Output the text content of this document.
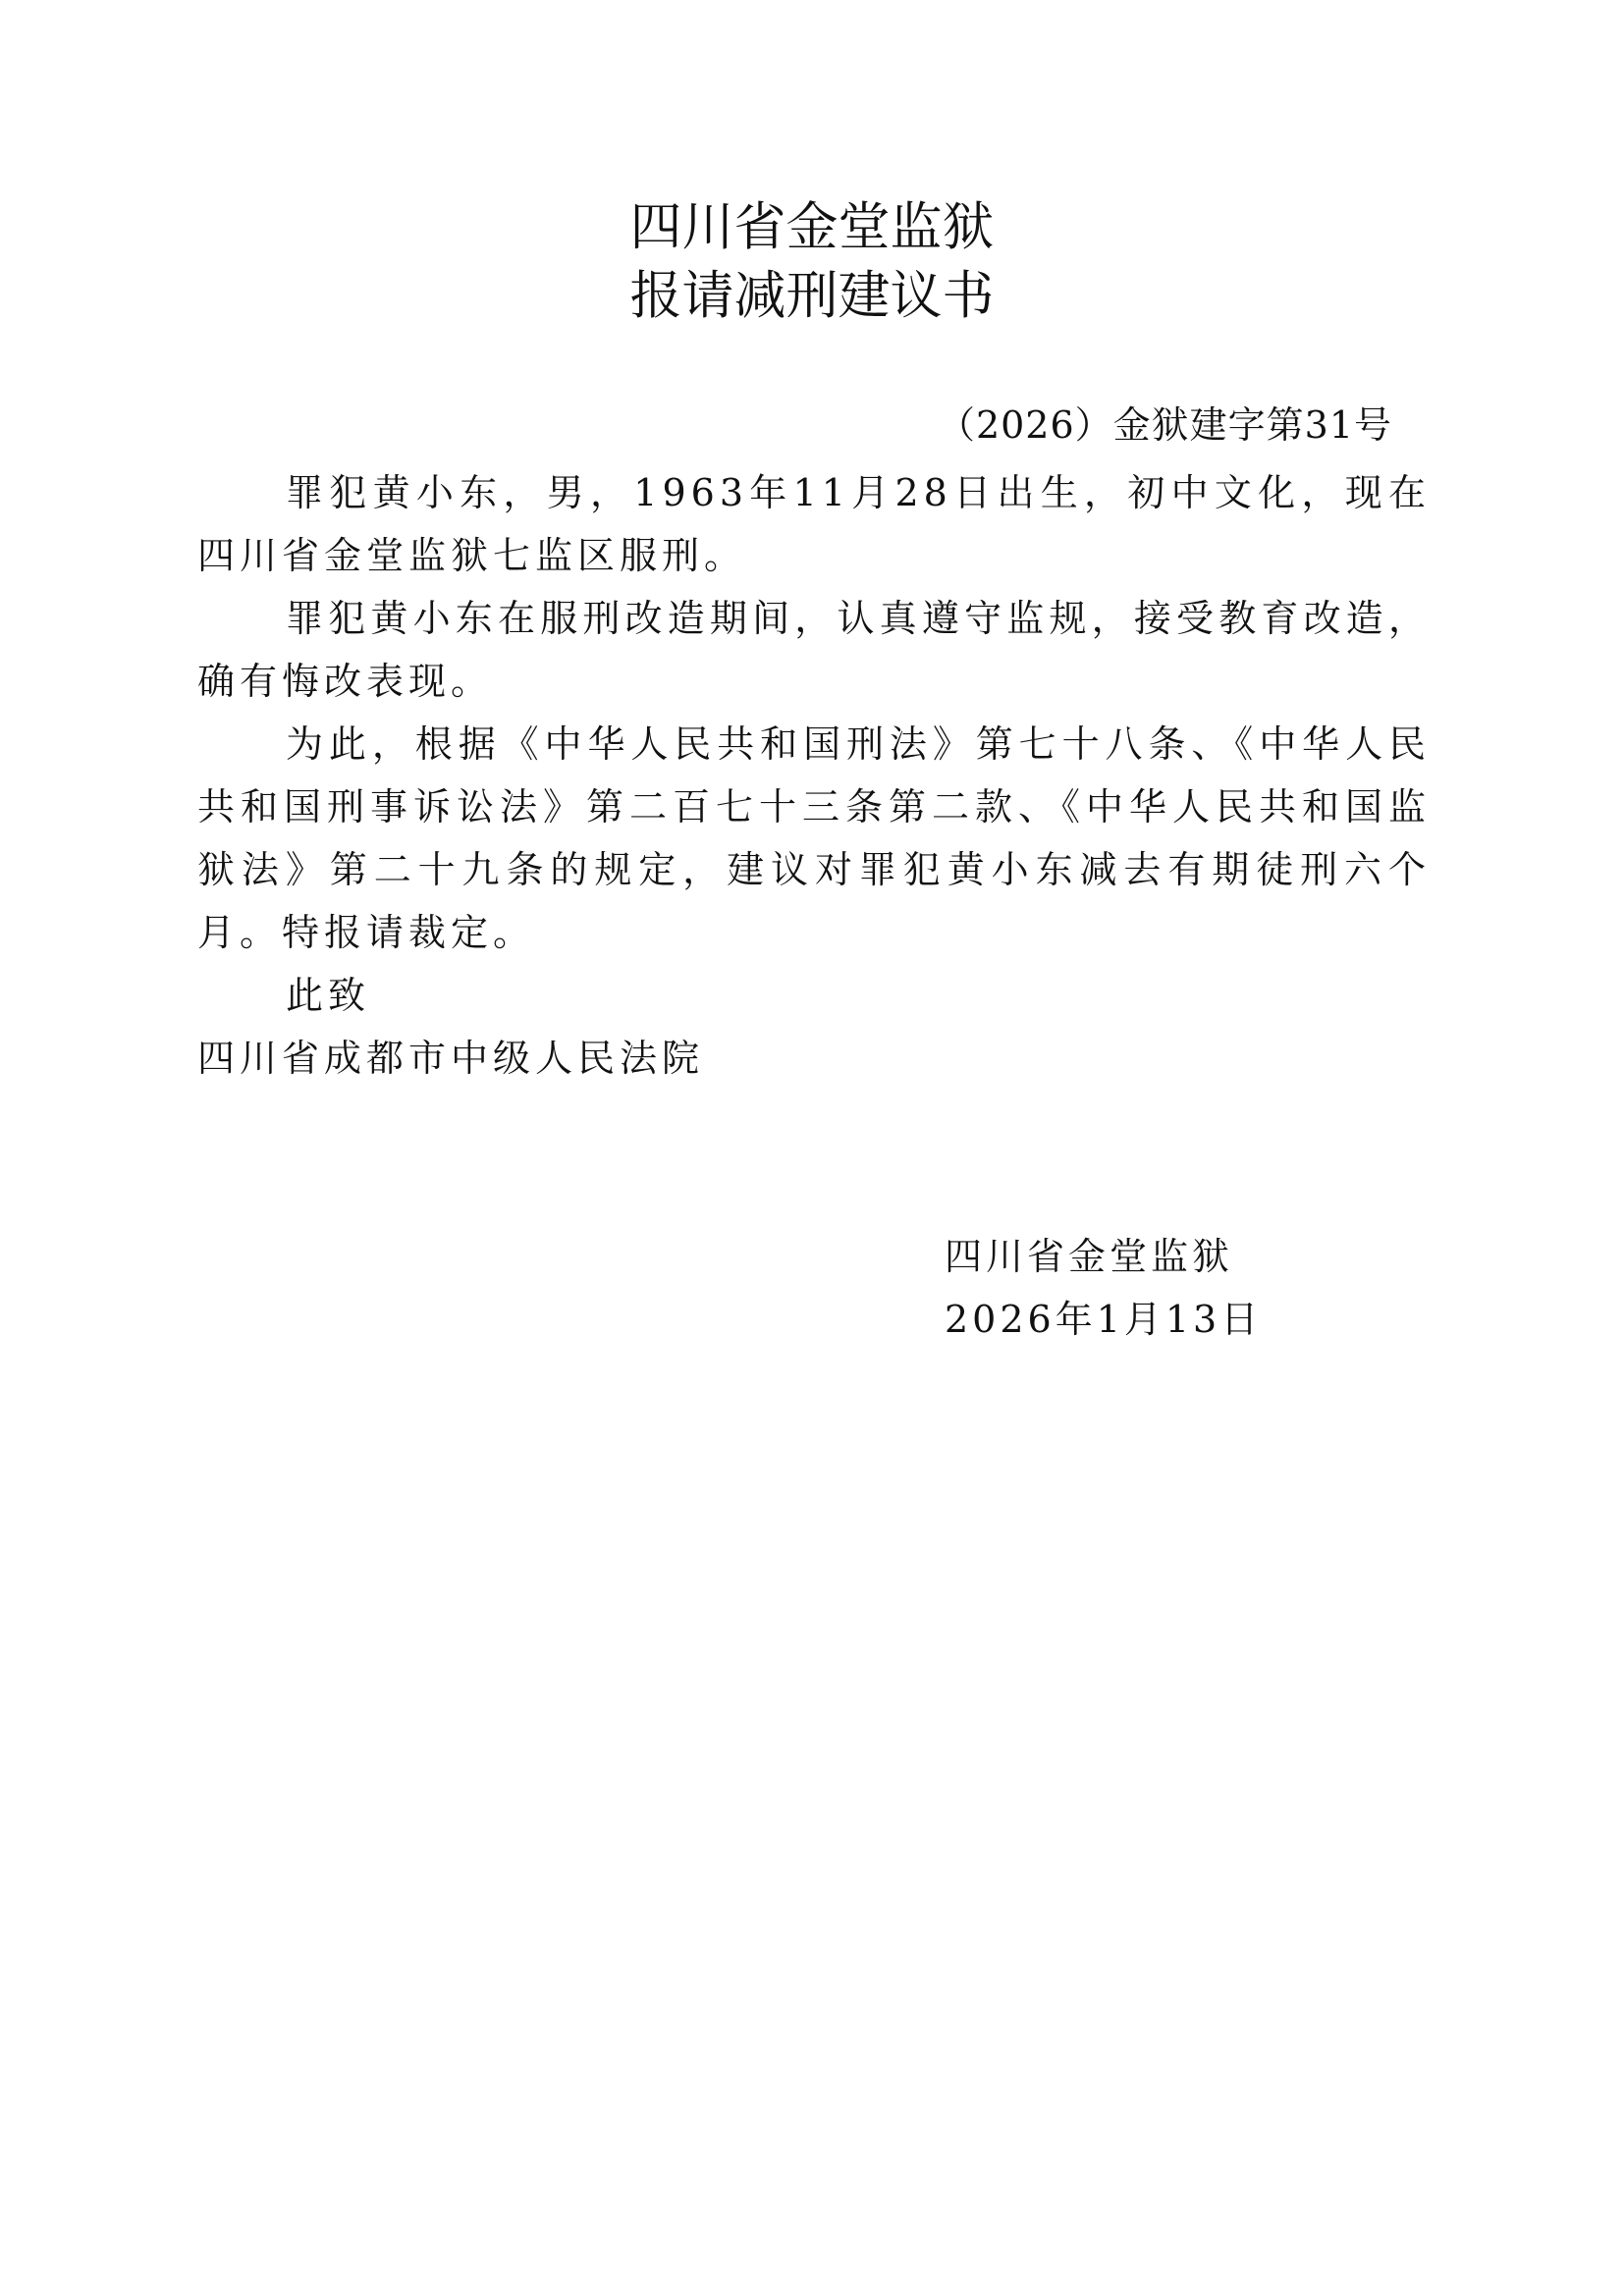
四川省金堂监狱
报请减刑建议书
（2026）金狱建字第31号

罪犯黄小东，男，1963年11月28日出生，初中文化，现在四川省金堂监狱七监区服刑。

罪犯黄小东在服刑改造期间，认真遵守监规，接受教育改造，确有悔改表现。

为此，根据《中华人民共和国刑法》第七十八条、《中华人民共和国刑事诉讼法》第二百七十三条第二款、《中华人民共和国监狱法》第二十九条的规定，建议对罪犯黄小东减去有期徒刑六个月。特报请裁定。

此致

四川省成都市中级人民法院

四川省金堂监狱
2026年1月13日
